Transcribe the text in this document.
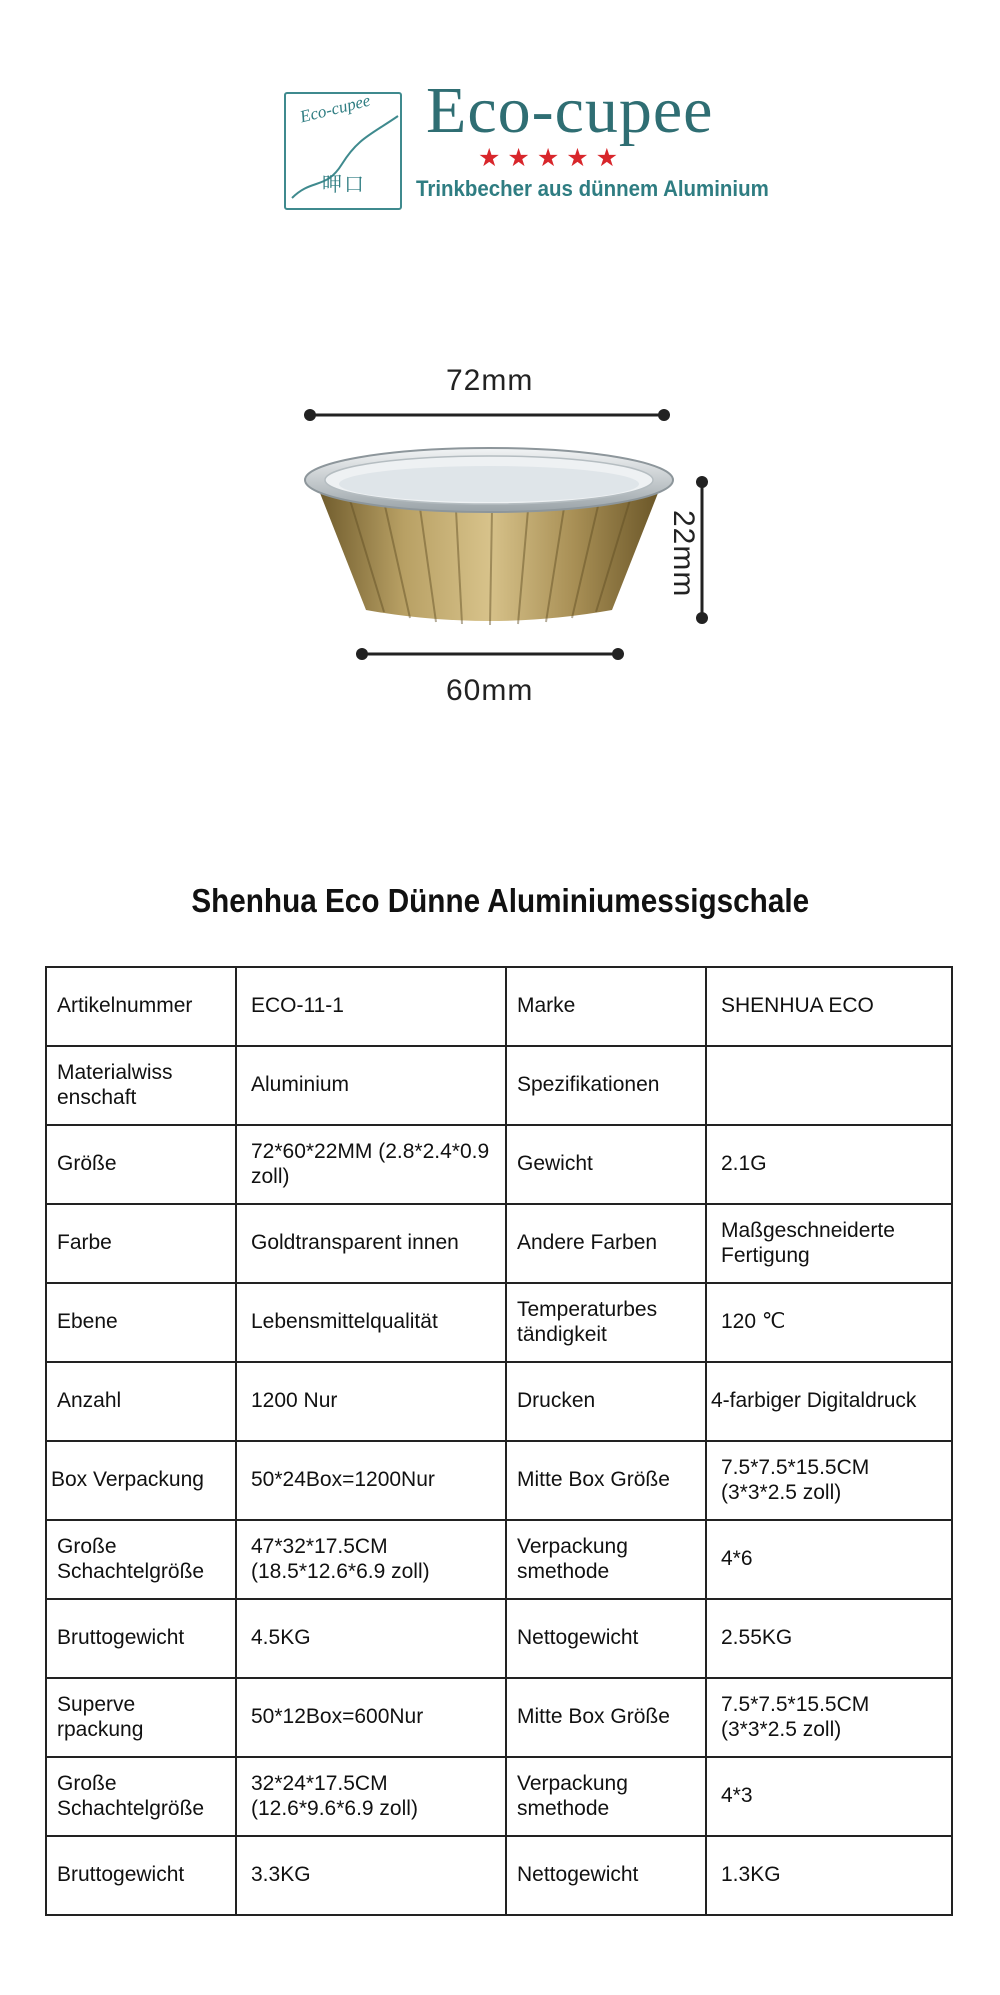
Eco-cupee
呷口
Eco-cupee
★★★★★
Trinkbecher aus dünnem Aluminium
72mm
22mm
60mm
Shenhua Eco Dünne Aluminiumessigschale
Artikelnummer	ECO-11-1	Marke	SHENHUA ECO
Materialwiss enschaft	Aluminium	Spezifikationen	
Größe	72*60*22MM (2.8*2.4*0.9 zoll)	Gewicht	2.1G
Farbe	Goldtransparent innen	Andere Farben	Maßgeschneiderte Fertigung
Ebene	Lebensmittelqualität	Temperaturbes tändigkeit	120 ℃
Anzahl	1200 Nur	Drucken	4-farbiger Digitaldruck
Box Verpackung	50*24Box=1200Nur	Mitte Box Größe	7.5*7.5*15.5CM (3*3*2.5 zoll)
Große Schachtelgröße	47*32*17.5CM (18.5*12.6*6.9 zoll)	Verpackung smethode	4*6
Bruttogewicht	4.5KG	Nettogewicht	2.55KG
Superve rpackung	50*12Box=600Nur	Mitte Box Größe	7.5*7.5*15.5CM (3*3*2.5 zoll)
Große Schachtelgröße	32*24*17.5CM (12.6*9.6*6.9 zoll)	Verpackung smethode	4*3
Bruttogewicht	3.3KG	Nettogewicht	1.3KG
